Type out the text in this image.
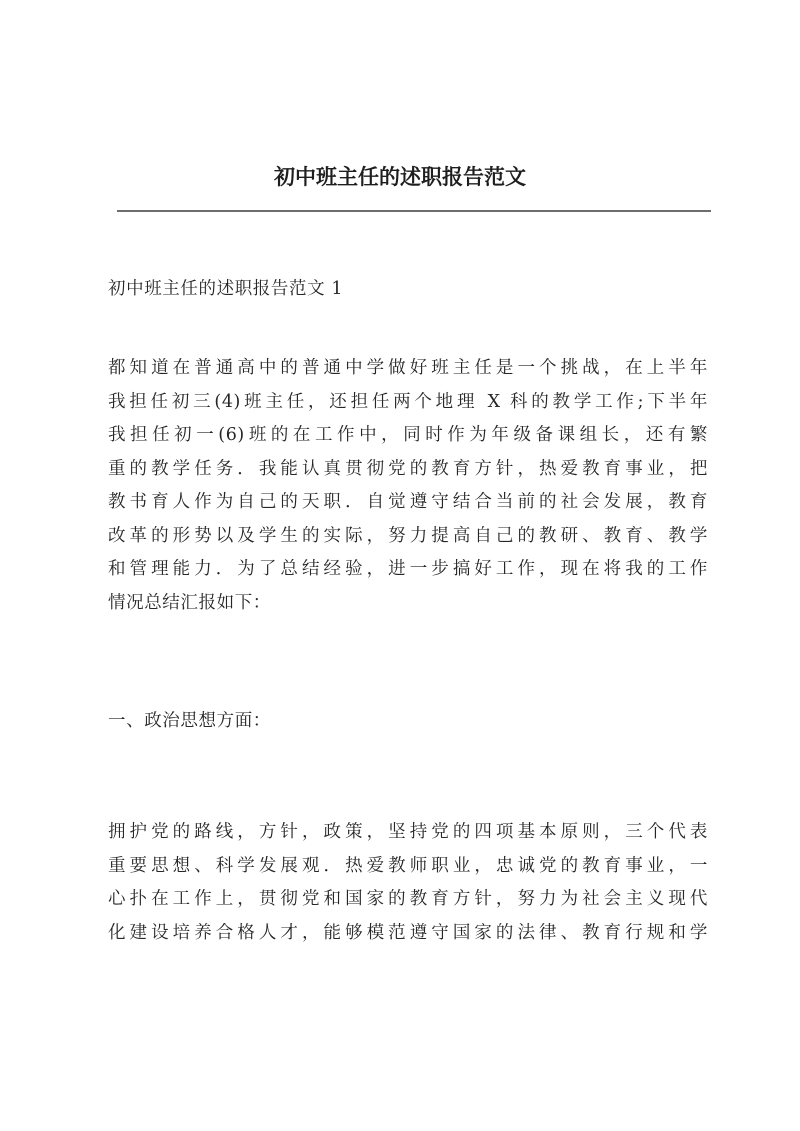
初中班主任的述职报告范文
初中班主任的述职报告范文 1
都知道在普通高中的普通中学做好班主任是一个挑战，在上半年
我担任初三(4)班主任，还担任两个地理 X 科的教学工作;下半年
我担任初一(6)班的在工作中，同时作为年级备课组长，还有繁
重的教学任务．我能认真贯彻党的教育方针，热爱教育事业，把
教书育人作为自己的天职．自觉遵守结合当前的社会发展，教育
改革的形势以及学生的实际，努力提高自己的教研、教育、教学
和管理能力．为了总结经验，进一步搞好工作，现在将我的工作
情况总结汇报如下：
一、政治思想方面：
拥护党的路线，方针，政策，坚持党的四项基本原则，三个代表
重要思想、科学发展观．热爱教师职业，忠诚党的教育事业，一
心扑在工作上，贯彻党和国家的教育方针，努力为社会主义现代
化建设培养合格人才，能够模范遵守国家的法律、教育行规和学
